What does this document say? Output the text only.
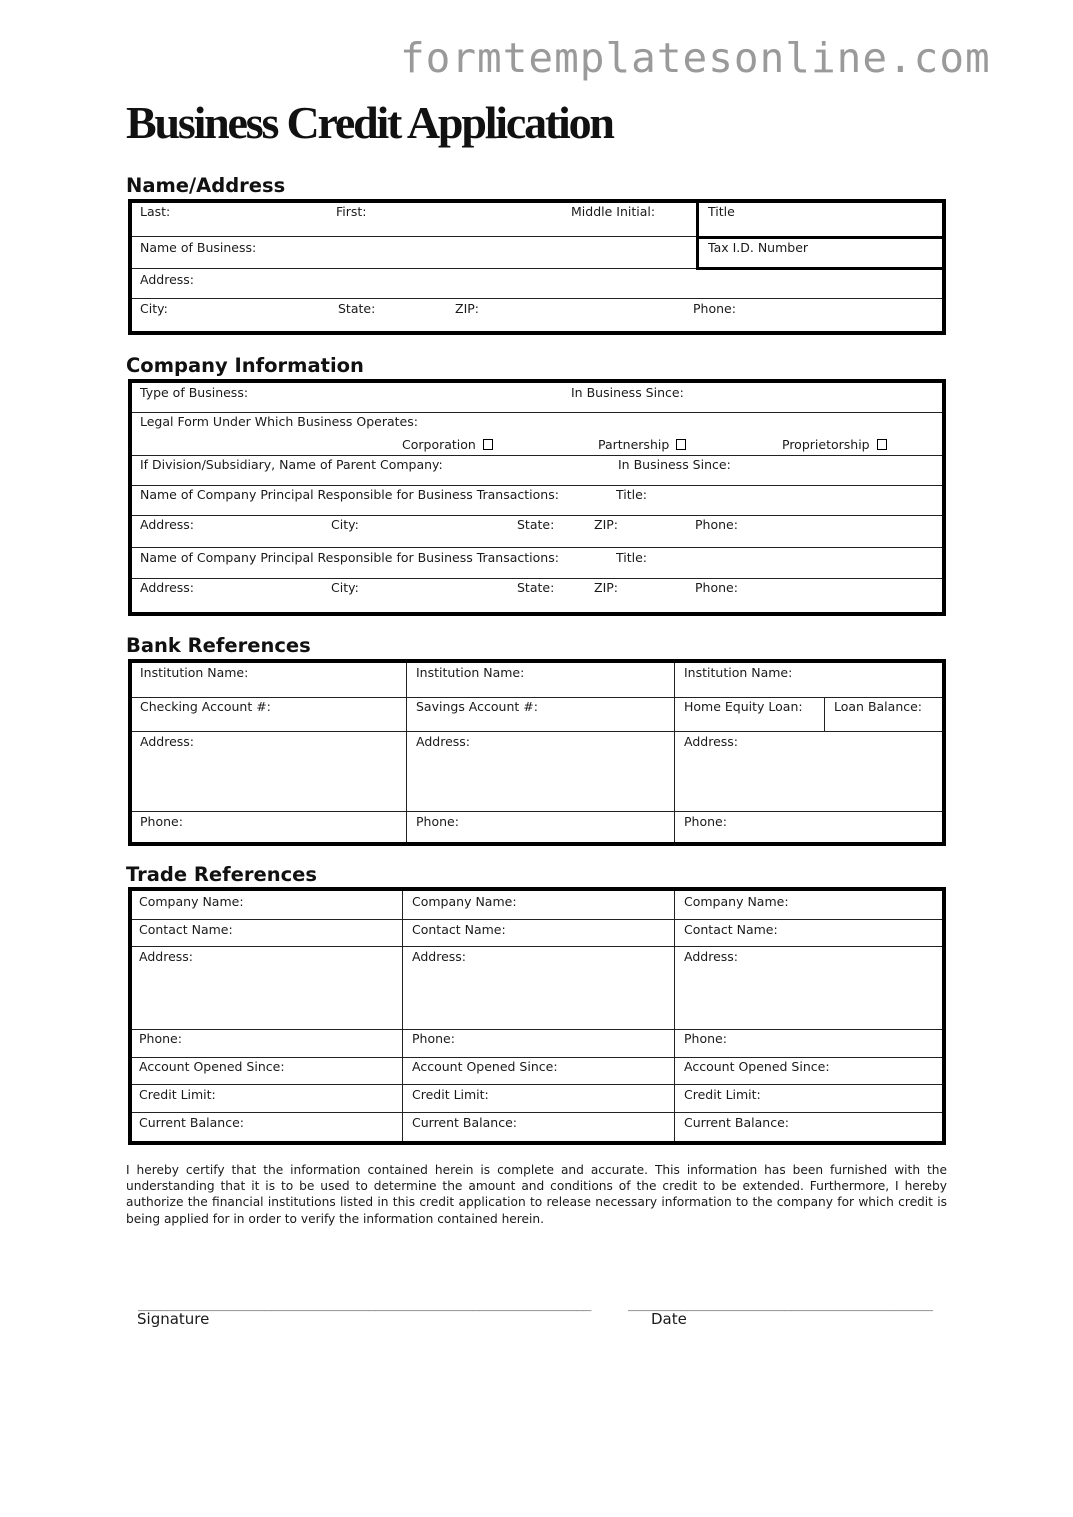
formtemplatesonline.com
Business Credit Application
Name/Address
Last:	First:	Middle Initial:	Title
Name of Business:	Tax I.D. Number
Address:
City:	State:	ZIP:	Phone:
Company Information
Type of Business:	In Business Since:
Legal Form Under Which Business Operates:
Corporation	Partnership	Proprietorship
If Division/Subsidiary, Name of Parent Company:	In Business Since:
Name of Company Principal Responsible for Business Transactions:	Title:
Address:	City:	State:	ZIP:	Phone:
Name of Company Principal Responsible for Business Transactions:	Title:
Address:	City:	State:	ZIP:	Phone:
Bank References
Institution Name:	Institution Name:	Institution Name:
Checking Account #:	Savings Account #:	Home Equity Loan:	Loan Balance:
Address:	Address:	Address:
Phone:	Phone:	Phone:
Trade References
Company Name:	Company Name:	Company Name:
Contact Name:	Contact Name:	Contact Name:
Address:	Address:	Address:
Phone:	Phone:	Phone:
Account Opened Since:	Account Opened Since:	Account Opened Since:
Credit Limit:	Credit Limit:	Credit Limit:
Current Balance:	Current Balance:	Current Balance:
I hereby certify that the information contained herein is complete and accurate. This information has been furnished with the understanding that it is to be used to determine the amount and conditions of the credit to be extended. Furthermore, I hereby authorize the financial institutions listed in this credit application to release necessary information to the company for which credit is being applied for in order to verify the information contained herein.
_____________________________________________________________
Signature
_________________________________________
Date
